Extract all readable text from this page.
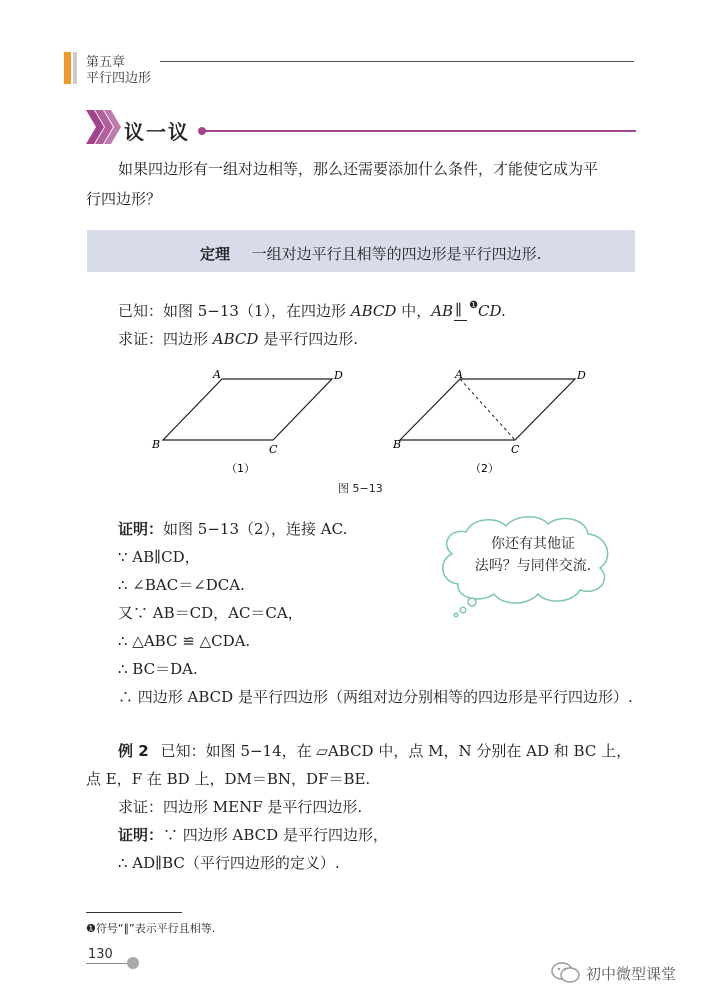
第五章
平行四边形
议一议
如果四边形有一组对边相等，那么还需要添加什么条件，才能使它成为平
行四边形？
定理 一组对边平行且相等的四边形是平行四边形.
已知：如图 5−13（1），在四边形 ABCD 中，AB ∥ $^❶$CD.
求证：四边形 ABCD 是平行四边形.
A	D
B	C
（1）
A	D
B	C
（2）
图 5−13
证明：如图 5−13（2），连接 AC.
∵ AB∥CD，
∴ ∠BAC＝∠DCA.
又∵ AB＝CD，AC＝CA，
∴ △ABC ≌ △CDA.
∴ BC＝DA.
∴ 四边形 ABCD 是平行四边形（两组对边分别相等的四边形是平行四边形）.
你还有其他证
法吗？与同伴交流.
例 2 已知：如图 5−14，在 ▱ABCD 中，点 M，N 分别在 AD 和 BC 上，
点 E，F 在 BD 上，DM＝BN，DF＝BE.
求证：四边形 MENF 是平行四边形.
证明：∵ 四边形 ABCD 是平行四边形，
∴ AD∥BC（平行四边形的定义）.
❶符号“∥”表示平行且相等.
130
初中微型课堂
